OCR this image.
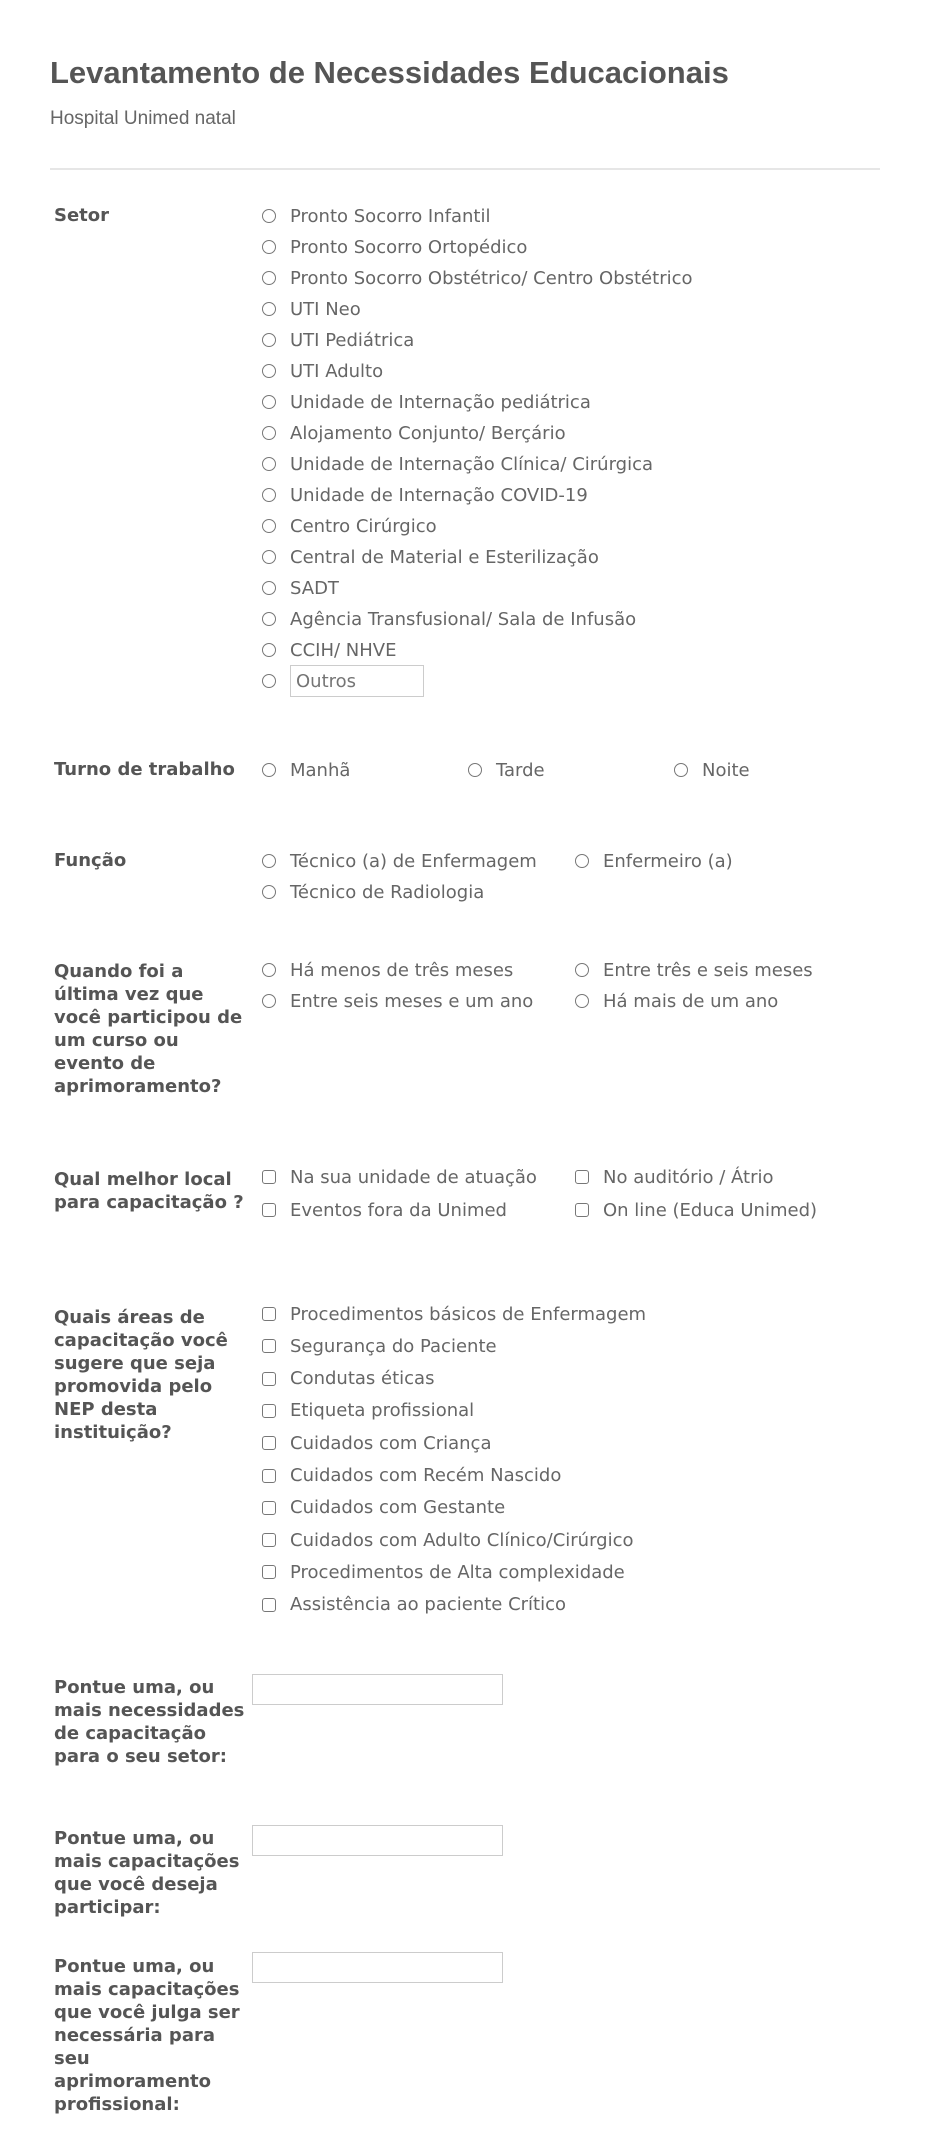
Levantamento de Necessidades Educacionais
Hospital Unimed natal
Setor	Pronto Socorro Infantil
Pronto Socorro Ortopédico
Pronto Socorro Obstétrico/ Centro Obstétrico
UTI Neo
UTI Pediátrica
UTI Adulto
Unidade de Internação pediátrica
Alojamento Conjunto/ Berçário
Unidade de Internação Clínica/ Cirúrgica
Unidade de Internação COVID-19
Centro Cirúrgico
Central de Material e Esterilização
SADT
Agência Transfusional/ Sala de Infusão
CCIH/ NHVE
Outros
Turno de trabalho	Manhã	Tarde	Noite
Função	Técnico (a) de Enfermagem	Enfermeiro (a)
Técnico de Radiologia
Quando foi a última vez que você participou de um curso ou evento de aprimoramento?
Há menos de três meses	Entre três e seis meses
Entre seis meses e um ano	Há mais de um ano
Qual melhor local para capacitação ?
Na sua unidade de atuação	No auditório / Átrio
Eventos fora da Unimed	On line (Educa Unimed)
Quais áreas de capacitação você sugere que seja promovida pelo NEP desta instituição?
Procedimentos básicos de Enfermagem
Segurança do Paciente
Condutas éticas
Etiqueta profissional
Cuidados com Criança
Cuidados com Recém Nascido
Cuidados com Gestante
Cuidados com Adulto Clínico/Cirúrgico
Procedimentos de Alta complexidade
Assistência ao paciente Crítico
Pontue uma, ou mais necessidades de capacitação para o seu setor:
Pontue uma, ou mais capacitações que você deseja participar:
Pontue uma, ou mais capacitações que você julga ser necessária para seu aprimoramento profissional:
